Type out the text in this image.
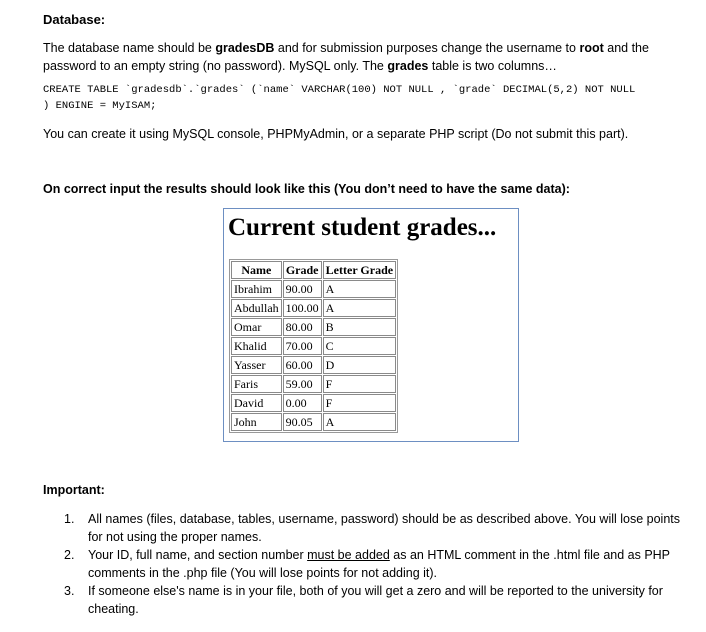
Database:
The database name should be gradesDB and for submission purposes change the username to root and the password to an empty string (no password). MySQL only. The grades table is two columns…
CREATE TABLE `gradesdb`.`grades` (`name` VARCHAR(100) NOT NULL , `grade` DECIMAL(5,2) NOT NULL
) ENGINE = MyISAM;
You can create it using MySQL console, PHPMyAdmin, or a separate PHP script (Do not submit this part).
On correct input the results should look like this (You don’t need to have the same data):
Current student grades...
Name	Grade	Letter Grade
Ibrahim	90.00	A
Abdullah	100.00	A
Omar	80.00	B
Khalid	70.00	C
Yasser	60.00	D
Faris	59.00	F
David	0.00	F
John	90.05	A
Important:
1. All names (files, database, tables, username, password) should be as described above. You will lose points for not using the proper names.
2. Your ID, full name, and section number must be added as an HTML comment in the .html file and as PHP comments in the .php file (You will lose points for not adding it).
3. If someone else's name is in your file, both of you will get a zero and will be reported to the university for cheating.
